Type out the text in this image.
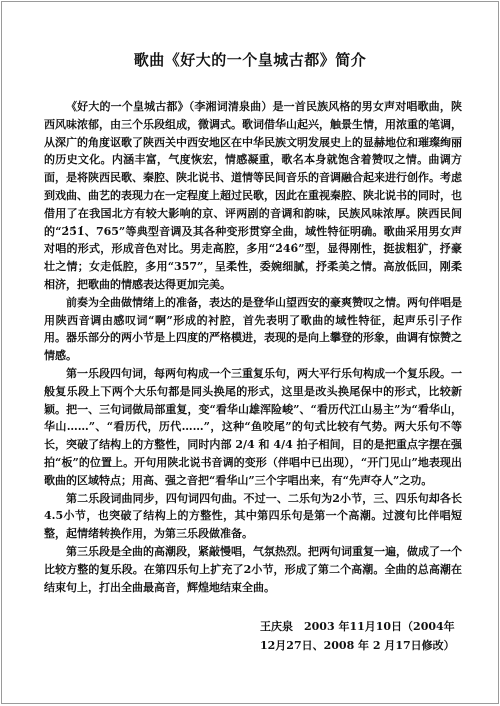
歌曲《好大的一个皇城古都》简介

《好大的一个皇城古都》（李湘词清泉曲）是一首民族风格的男女声对唱歌曲，陕西风味浓郁，由三个乐段组成，微调式。歌词借华山起兴，触景生情，用浓重的笔调，从深广的角度讴歌了陕西关中西安地区在中华民族文明发展史上的显赫地位和璀璨绚丽的历史文化。内涵丰富，气度恢宏，情感凝重，歌名本身就饱含着赞叹之情。曲调方面，是将陕西民歌、秦腔、陕北说书、道情等民间音乐的音调融合起来进行创作。考虑到戏曲、曲艺的表现力在一定程度上超过民歌，因此在重视秦腔、陕北说书的同时，也借用了在我国北方有较大影响的京、评两剧的音调和韵味，民族风味浓厚。陕西民间的“2̇5̇1̇、765”等典型音调及其各种变形贯穿全曲，域性特征明确。歌曲采用男女声对唱的形式，形成音色对比。男走高腔，多用“2̇46̇”型，显得刚性，挺拔粗犷，抒豪壮之情；女走低腔，多用“357”，呈柔性，委婉细腻，抒柔美之情。高放低回，刚柔相济，把歌曲的情感表达得更加完美。

前奏为全曲做情绪上的准备，表达的是登华山望西安的豪爽赞叹之情。两句伴唱是用陕西音调由感叹词“啊”形成的衬腔，首先表明了歌曲的域性特征，起声乐引子作用。器乐部分的两小节是上四度的严格模进，表现的是向上攀登的形象，曲调有惊赞之情感。

第一乐段四句词，每两句构成一个三重复乐句，两大平行乐句构成一个复乐段。一般复乐段上下两个大乐句都是同头换尾的形式，这里是改头换尾保中的形式，比较新颖。把一、三句词做局部重复，变“看华山雄浑险峻”、“看历代江山易主”为“看华山，华山……”、“看历代，历代……”，这种“鱼咬尾”的句式比较有气势。两大乐句不等长，突破了结构上的方整性，同时内部 2/4 和 4/4 拍子相间，目的是把重点字摆在强拍“板”的位置上。开句用陕北说书音调的变形（伴唱中已出现），“开门见山”地表现出歌曲的区域特点；用高、强之音把“看华山”三个字唱出来，有“先声夺人”之功。

第二乐段词曲同步，四句词四句曲。不过一、二乐句为2小节，三、四乐句却各长4.5小节，也突破了结构上的方整性，其中第四乐句是第一个高潮。过渡句比伴唱短整，起情绪转换作用，为第三乐段做准备。

第三乐段是全曲的高潮段，紧敲慢唱，气氛热烈。把两句词重复一遍，做成了一个比较方整的复乐段。在第四乐句上扩充了2小节，形成了第二个高潮。全曲的总高潮在结束句上，打出全曲最高音，辉煌地结束全曲。

王庆泉　2003 年11月10日（2004年
12月27日、2008 年 2 月17日修改）
